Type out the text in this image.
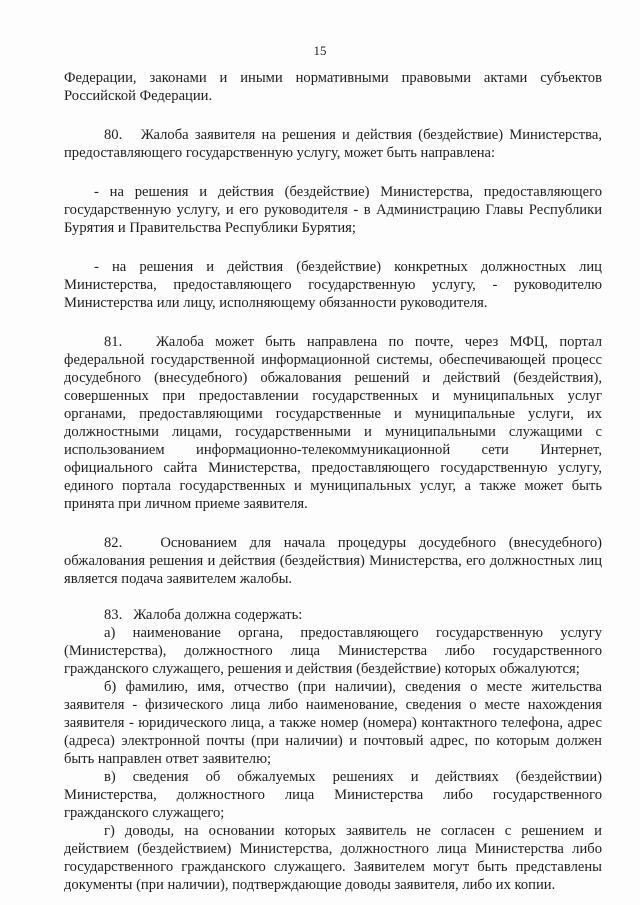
15

Федерации, законами и иными нормативными правовыми актами субъектов Российской Федерации.

80.   Жалоба заявителя на решения и действия (бездействие) Министерства, предоставляющего государственную услугу, может быть направлена:

- на решения и действия (бездействие) Министерства, предоставляющего государственную услугу, и его руководителя - в Администрацию Главы Республики Бурятия и Правительства Республики Бурятия;

- на решения и действия (бездействие) конкретных должностных лиц Министерства, предоставляющего государственную услугу, - руководителю Министерства или лицу, исполняющему обязанности руководителя.

81.   Жалоба может быть направлена по почте, через МФЦ, портал федеральной государственной информационной системы, обеспечивающей процесс досудебного (внесудебного) обжалования решений и действий (бездействия), совершенных при предоставлении государственных и муниципальных услуг органами, предоставляющими государственные и муниципальные услуги, их должностными лицами, государственными и муниципальными служащими с использованием информационно-телекоммуникационной сети Интернет, официального сайта Министерства, предоставляющего государственную услугу, единого портала государственных и муниципальных услуг, а также может быть принята при личном приеме заявителя.

82.   Основанием для начала процедуры досудебного (внесудебного) обжалования решения и действия (бездействия) Министерства, его должностных лиц является подача заявителем жалобы.

83.   Жалоба должна содержать:

а) наименование органа, предоставляющего государственную услугу (Министерства), должностного лица Министерства либо государственного гражданского служащего, решения и действия (бездействие) которых обжалуются;

б) фамилию, имя, отчество (при наличии), сведения о месте жительства заявителя - физического лица либо наименование, сведения о месте нахождения заявителя - юридического лица, а также номер (номера) контактного телефона, адрес (адреса) электронной почты (при наличии) и почтовый адрес, по которым должен быть направлен ответ заявителю;

в) сведения об обжалуемых решениях и действиях (бездействии) Министерства, должностного лица Министерства либо государственного гражданского служащего;

г) доводы, на основании которых заявитель не согласен с решением и действием (бездействием) Министерства, должностного лица Министерства либо государственного гражданского служащего. Заявителем могут быть представлены документы (при наличии), подтверждающие доводы заявителя, либо их копии.
